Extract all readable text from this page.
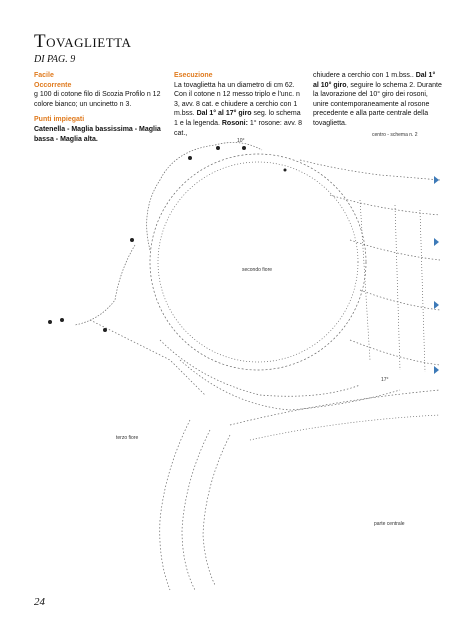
Tovaglietta
DI PAG. 9

Facile

Occorrente

g 100 di cotone filo di Scozia Profilo n 12 colore bianco; un uncinetto n 3.

Punti impiegati

Catenella - Maglia bassissima - Maglia bassa - Maglia alta.

Esecuzione

La tovaglietta ha un diametro di cm 62. Con il cotone n 12 messo triplo e l'unc. n 3, avv. 8 cat. e chiudere a cerchio con 1 m.bss. Dal 1° al 17° giro seg. lo schema 1 e la legenda. Rosoni: 1° rosone: avv. 8 cat.,

chiudere a cerchio con 1 m.bss.. Dal 1° al 10° giro, seguire lo schema 2. Durante la lavorazione del 10° giro dei rosoni, unire contemporaneamente al rosone precedente e alla parte centrale della tovaglietta.

centro - schema n. 2
secondo fiore
terzo fiore
parte centrale
10°
17°
24
